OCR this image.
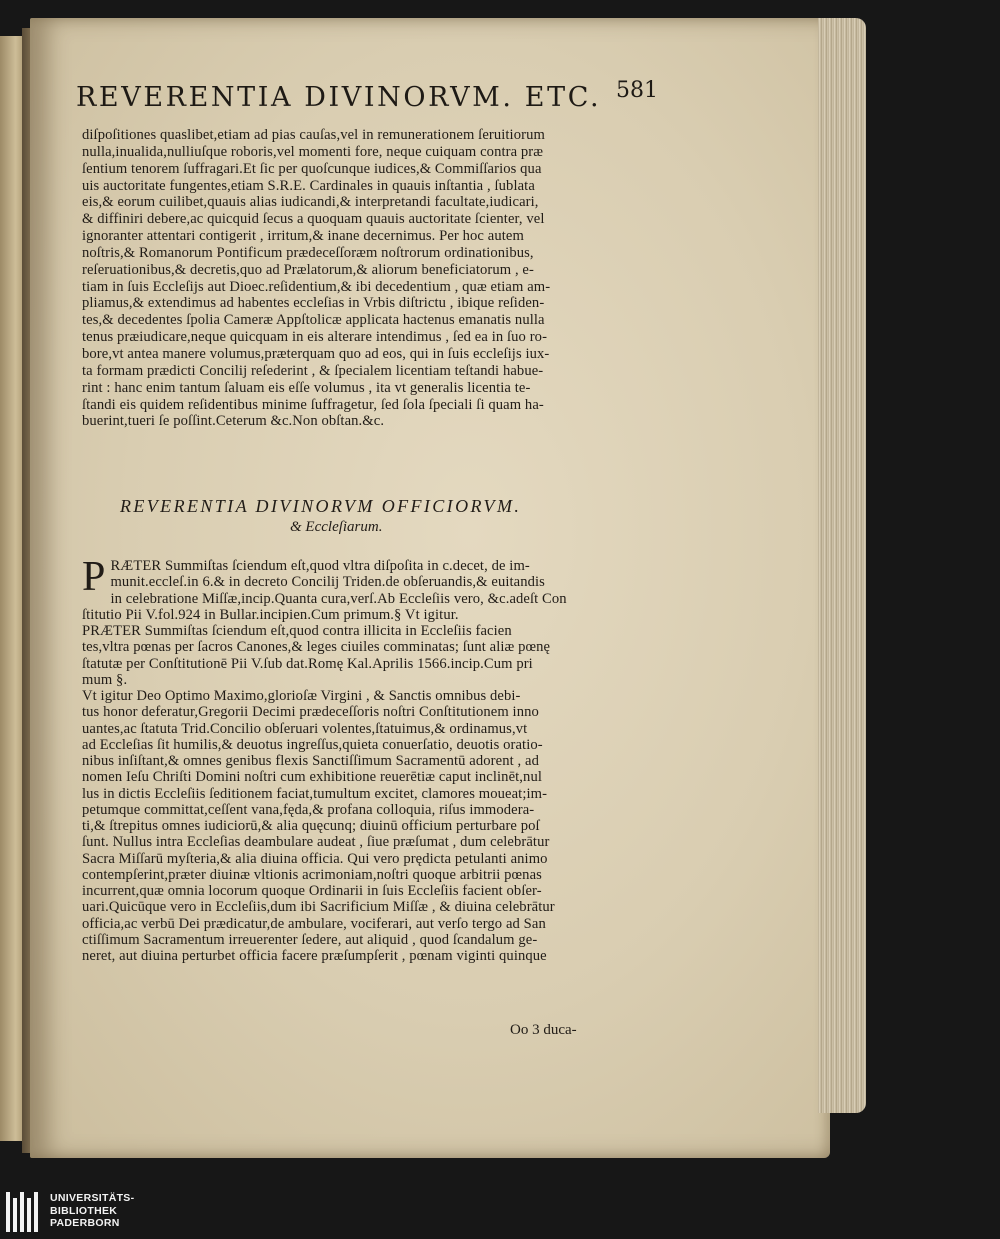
REVERENTIA DIVINORVM. ETC. 581
diſpoſitiones quaslibet,etiam ad pias cauſas,vel in remunerationem ſeruitiorum
nulla,inualida,nulliuſque roboris,vel momenti fore, neque cuiquam contra præ
ſentium tenorem ſuffragari.Et ſic per quoſcunque iudices,& Commiſſarios qua
uis auctoritate fungentes,etiam S.R.E. Cardinales in quauis inſtantia , ſublata
eis,& eorum cuilibet,quauis alias iudicandi,& interpretandi facultate,iudicari,
& diffiniri debere,ac quicquid ſecus a quoquam quauis auctoritate ſcienter, vel
ignoranter attentari contigerit , irritum,& inane decernimus. Per hoc autem
noſtris,& Romanorum Pontificum prædeceſſoræm noſtrorum ordinationibus,
reſeruationibus,& decretis,quo ad Prælatorum,& aliorum beneficiatorum , e-
tiam in ſuis Eccleſijs aut Dioec.reſidentium,& ibi decedentium , quæ etiam am-
pliamus,& extendimus ad habentes eccleſias in Vrbis diſtrictu , ibique reſiden-
tes,& decedentes ſpolia Cameræ Appſtolicæ applicata hactenus emanatis nulla
tenus præiudicare,neque quicquam in eis alterare intendimus , ſed ea in ſuo ro-
bore,vt antea manere volumus,præterquam quo ad eos, qui in ſuis eccleſijs iux-
ta formam prædicti Concilij reſederint , & ſpecialem licentiam teſtandi habue-
rint : hanc enim tantum ſaluam eis eſſe volumus , ita vt generalis licentia te-
ſtandi eis quidem reſidentibus minime ſuffragetur, ſed ſola ſpeciali ſi quam ha-
buerint,tueri ſe poſſint.Ceterum &c.Non obſtan.&c.
REVERENTIA DIVINORVM OFFICIORVM.
& Eccleſiarum.
P RÆTER Summiſtas ſciendum eſt,quod vltra diſpoſita in c.decet, de im-
munit.eccleſ.in 6.& in decreto Concilij Triden.de obſeruandis,& euitandis
in celebratione Miſſæ,incip.Quanta cura,verſ.Ab Eccleſiis vero, &c.adeſt Con
ſtitutio Pii V.fol.924 in Bullar.incipien.Cum primum.§ Vt igitur.
PRÆTER Summiſtas ſciendum eſt,quod contra illicita in Eccleſiis facien
tes,vltra pœnas per ſacros Canones,& leges ciuiles comminatas; ſunt aliæ pœnę
ſtatutæ per Conſtitutionē Pii V.ſub dat.Romę Kal.Aprilis 1566.incip.Cum pri
mum §.
Vt igitur Deo Optimo Maximo,glorioſæ Virgini , & Sanctis omnibus debi-
tus honor deferatur,Gregorii Decimi prædeceſſoris noſtri Conſtitutionem inno
uantes,ac ſtatuta Trid.Concilio obſeruari volentes,ſtatuimus,& ordinamus,vt
ad Eccleſias ſit humilis,& deuotus ingreſſus,quieta conuerſatio, deuotis oratio-
nibus inſiſtant,& omnes genibus flexis Sanctiſſimum Sacramentū adorent , ad
nomen Ieſu Chriſti Domini noſtri cum exhibitione reuerētiæ caput inclinēt,nul
lus in dictis Eccleſiis ſeditionem faciat,tumultum excitet, clamores moueat;im-
petumque committat,ceſſent vana,fęda,& profana colloquia, riſus immodera-
ti,& ſtrepitus omnes iudiciorū,& alia quęcunq; diuinū officium perturbare poſ
ſunt. Nullus intra Eccleſias deambulare audeat , ſiue præſumat , dum celebrātur
Sacra Miſſarū myſteria,& alia diuina officia. Qui vero prędicta petulanti animo
contempſerint,præter diuinæ vltionis acrimoniam,noſtri quoque arbitrii pœnas
incurrent,quæ omnia locorum quoque Ordinarii in ſuis Eccleſiis facient obſer-
uari.Quicūque vero in Eccleſiis,dum ibi Sacrificium Miſſæ , & diuina celebrātur
officia,ac verbū Dei prædicatur,de ambulare, vociferari, aut verſo tergo ad San
ctiſſimum Sacramentum irreuerenter ſedere, aut aliquid , quod ſcandalum ge-
neret, aut diuina perturbet officia facere præſumpſerit , pœnam viginti quinque
Oo 3 duca-
UNIVERSITÄTS-
BIBLIOTHEK
PADERBORN
